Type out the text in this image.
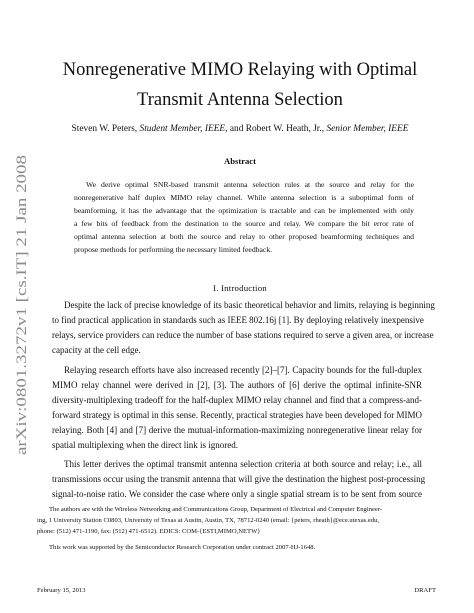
arXiv:0801.3272v1 [cs.IT] 21 Jan 2008
Nonregenerative MIMO Relaying with Optimal
Transmit Antenna Selection
Steven W. Peters, Student Member, IEEE, and Robert W. Heath, Jr., Senior Member, IEEE
Abstract
We derive optimal SNR-based transmit antenna selection rules at the source and relay for the
nonregenerative half duplex MIMO relay channel. While antenna selection is a suboptimal form of
beamforming, it has the advantage that the optimization is tractable and can be implemented with only
a few bits of feedback from the destination to the source and relay. We compare the bit error rate of
optimal antenna selection at both the source and relay to other proposed beamforming techniques and
propose methods for performing the necessary limited feedback.
I. Introduction
Despite the lack of precise knowledge of its basic theoretical behavior and limits, relaying is beginning
to find practical application in standards such as IEEE 802.16j [1]. By deploying relatively inexpensive
relays, service providers can reduce the number of base stations required to serve a given area, or increase
capacity at the cell edge.
Relaying research efforts have also increased recently [2]–[7]. Capacity bounds for the full-duplex
MIMO relay channel were derived in [2], [3]. The authors of [6] derive the optimal infinite-SNR
diversity-multiplexing tradeoff for the half-duplex MIMO relay channel and find that a compress-and-
forward strategy is optimal in this sense. Recently, practical strategies have been developed for MIMO
relaying. Both [4] and [7] derive the mutual-information-maximizing nonregenerative linear relay for
spatial multiplexing when the direct link is ignored.
This letter derives the optimal transmit antenna selection criteria at both source and relay; i.e., all
transmissions occur using the transmit antenna that will give the destination the highest post-processing
signal-to-noise ratio. We consider the case where only a single spatial stream is to be sent from source
The authors are with the Wireless Networking and Communications Group, Department of Electrical and Computer Engineer-
ing, 1 University Station C0803, University of Texas at Austin, Austin, TX, 78712-0240 (email: {peters, rheath}@ece.utexas.edu,
phone: (512) 471-1190, fax: (512) 471-6512). EDICS: COM-{ESTI,MIMO,NETW}
This work was supported by the Semiconductor Research Corporation under contract 2007-HJ-1648.
February 15, 2013	DRAFT
